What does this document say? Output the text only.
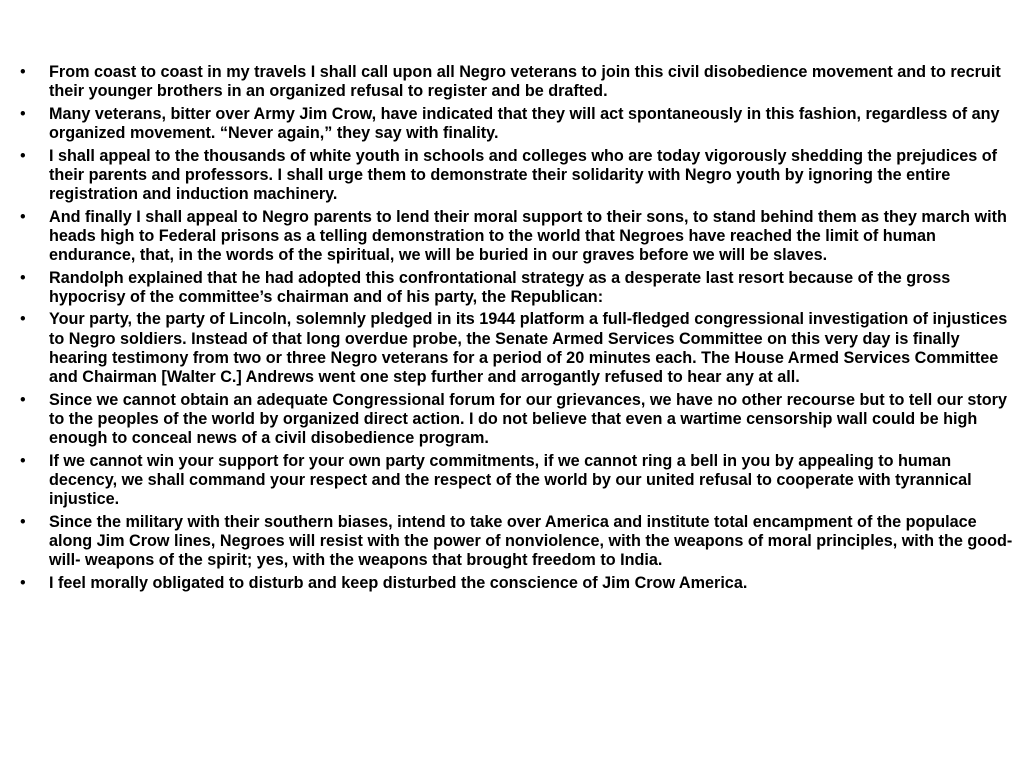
•	From coast to coast in my travels I shall call upon all Negro veterans to join this civil disobedience movement and to recruit their younger brothers in an organized refusal to register and be drafted.
•	Many veterans, bitter over Army Jim Crow, have indicated that they will act spontaneously in this fashion, regardless of any organized movement. “Never again,” they say with finality.
•	I shall appeal to the thousands of white youth in schools and colleges who are today vigorously shedding the prejudices of their parents and professors. I shall urge them to demonstrate their solidarity with Negro youth by ignoring the entire registration and induction machinery.
•	And finally I shall appeal to Negro parents to lend their moral support to their sons, to stand behind them as they march with heads high to Federal prisons as a telling demonstration to the world that Negroes have reached the limit of human endurance, that, in the words of the spiritual, we will be buried in our graves before we will be slaves.
•	Randolph explained that he had adopted this confrontational strategy as a desperate last resort because of the gross hypocrisy of the committee’s chairman and of his party, the Republican:
•	Your party, the party of Lincoln, solemnly pledged in its 1944 platform a full-fledged congressional investigation of injustices to Negro soldiers. Instead of that long overdue probe, the Senate Armed Services Committee on this very day is finally hearing testimony from two or three Negro veterans for a period of 20 minutes each. The House Armed Services Committee and Chairman [Walter C.] Andrews went one step further and arrogantly refused to hear any at all.
•	Since we cannot obtain an adequate Congressional forum for our grievances, we have no other recourse but to tell our story to the peoples of the world by organized direct action. I do not believe that even a wartime censorship wall could be high enough to conceal news of a civil disobedience program.
•	If we cannot win your support for your own party commitments, if we cannot ring a bell in you by appealing to human decency, we shall command your respect and the respect of the world by our united refusal to cooperate with tyrannical injustice.
•	Since the military with their southern biases, intend to take over America and institute total encampment of the populace along Jim Crow lines, Negroes will resist with the power of nonviolence, with the weapons of moral principles, with the good-will- weapons of the spirit; yes, with the weapons that brought freedom to India.
•	I feel morally obligated to disturb and keep disturbed the conscience of Jim Crow America.
